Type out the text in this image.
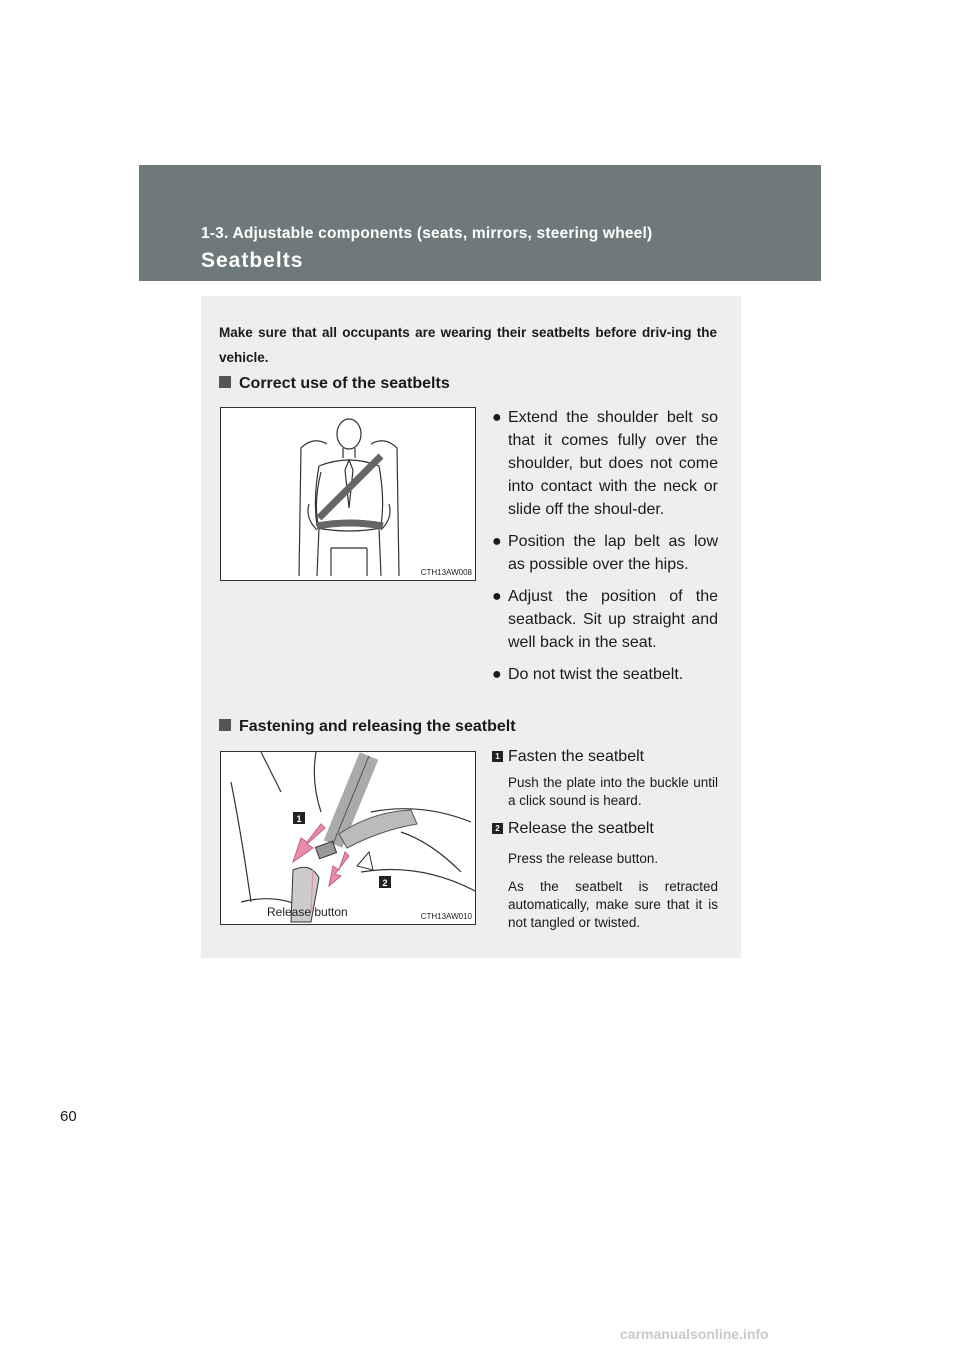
1-3. Adjustable components (seats, mirrors, steering wheel)
Seatbelts
Make sure that all occupants are wearing their seatbelts before driv-ing the vehicle.
Correct use of the seatbelts
CTH13AW008
● Extend the shoulder belt so that it comes fully over the shoulder, but does not come into contact with the neck or slide off the shoul-der.
● Position the lap belt as low as possible over the hips.
● Adjust the position of the seatback. Sit up straight and well back in the seat.
● Do not twist the seatbelt.
Fastening and releasing the seatbelt
1
2
Release button	CTH13AW010
1 Fasten the seatbelt
Push the plate into the buckle until a click sound is heard.
2 Release the seatbelt
Press the release button.
As the seatbelt is retracted automatically, make sure that it is not tangled or twisted.
60
carmanualsonline.info
